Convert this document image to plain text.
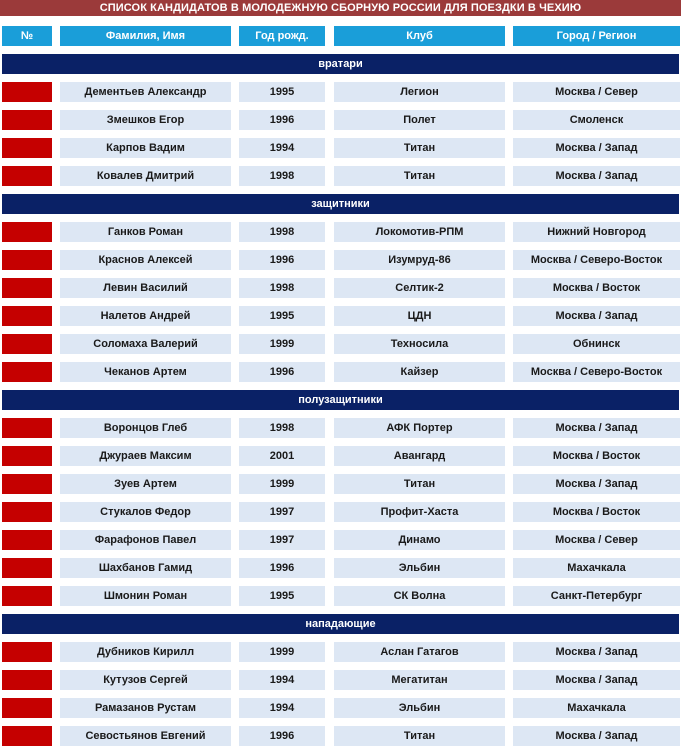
СПИСОК КАНДИДАТОВ В МОЛОДЕЖНУЮ СБОРНУЮ РОССИИ ДЛЯ ПОЕЗДКИ В ЧЕХИЮ
№	Фамилия, Имя	Год рожд.	Клуб	Город / Регион
вратари
Дементьев Александр	1995	Легион	Москва / Север
Змешков Егор	1996	Полет	Смоленск
Карпов Вадим	1994	Титан	Москва / Запад
Ковалев Дмитрий	1998	Титан	Москва / Запад
защитники
Ганков Роман	1998	Локомотив-РПМ	Нижний Новгород
Краснов Алексей	1996	Изумруд-86	Москва / Северо-Восток
Левин Василий	1998	Селтик-2	Москва / Восток
Налетов Андрей	1995	ЦДН	Москва / Запад
Соломаха Валерий	1999	Техносила	Обнинск
Чеканов Артем	1996	Кайзер	Москва / Северо-Восток
полузащитники
Воронцов Глеб	1998	АФК Портер	Москва / Запад
Джураев Максим	2001	Авангард	Москва / Восток
Зуев Артем	1999	Титан	Москва / Запад
Стукалов Федор	1997	Профит-Хаста	Москва / Восток
Фарафонов Павел	1997	Динамо	Москва / Север
Шахбанов Гамид	1996	Эльбин	Махачкала
Шмонин Роман	1995	СК Волна	Санкт-Петербург
нападающие
Дубников Кирилл	1999	Аслан Гатагов	Москва / Запад
Кутузов Сергей	1994	Мегатитан	Москва / Запад
Рамазанов Рустам	1994	Эльбин	Махачкала
Севостьянов Евгений	1996	Титан	Москва / Запад
